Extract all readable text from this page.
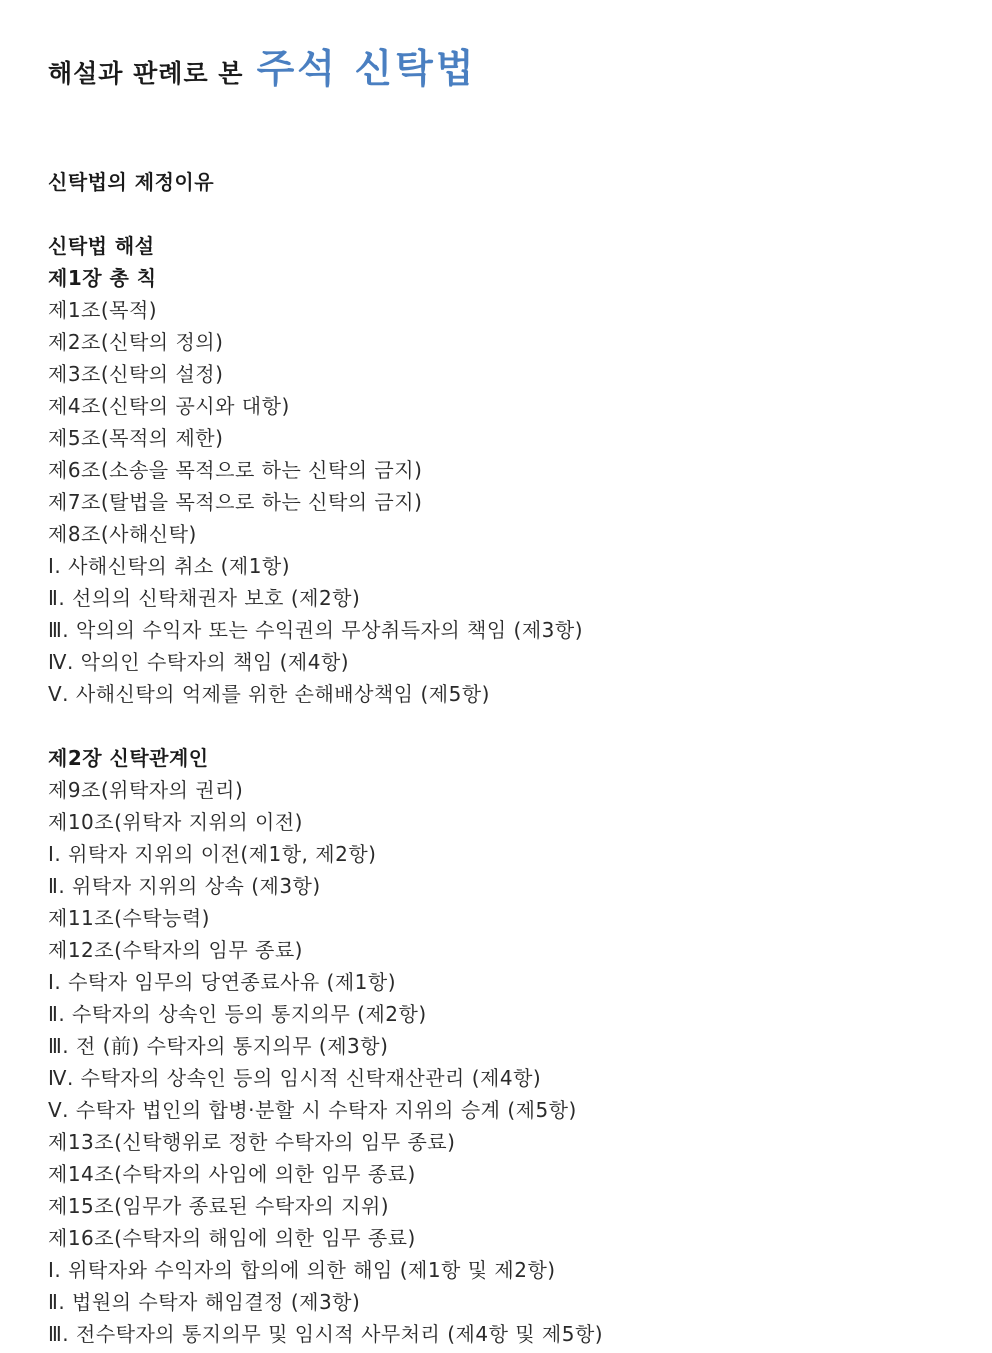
해설과 판례로 본 주석 신탁법
신탁법의 제정이유
신탁법 해설
제1장 총 칙
제1조(목적)
제2조(신탁의 정의)
제3조(신탁의 설정)
제4조(신탁의 공시와 대항)
제5조(목적의 제한)
제6조(소송을 목적으로 하는 신탁의 금지)
제7조(탈법을 목적으로 하는 신탁의 금지)
제8조(사해신탁)
Ⅰ. 사해신탁의 취소 (제1항)
Ⅱ. 선의의 신탁채권자 보호 (제2항)
Ⅲ. 악의의 수익자 또는 수익권의 무상취득자의 책임 (제3항)
Ⅳ. 악의인 수탁자의 책임 (제4항)
Ⅴ. 사해신탁의 억제를 위한 손해배상책임 (제5항)
제2장 신탁관계인
제9조(위탁자의 권리)
제10조(위탁자 지위의 이전)
Ⅰ. 위탁자 지위의 이전(제1항, 제2항)
Ⅱ. 위탁자 지위의 상속 (제3항)
제11조(수탁능력)
제12조(수탁자의 임무 종료)
Ⅰ. 수탁자 임무의 당연종료사유 (제1항)
Ⅱ. 수탁자의 상속인 등의 통지의무 (제2항)
Ⅲ. 전 (前) 수탁자의 통지의무 (제3항)
Ⅳ. 수탁자의 상속인 등의 임시적 신탁재산관리 (제4항)
Ⅴ. 수탁자 법인의 합병·분할 시 수탁자 지위의 승계 (제5항)
제13조(신탁행위로 정한 수탁자의 임무 종료)
제14조(수탁자의 사임에 의한 임무 종료)
제15조(임무가 종료된 수탁자의 지위)
제16조(수탁자의 해임에 의한 임무 종료)
Ⅰ. 위탁자와 수익자의 합의에 의한 해임 (제1항 및 제2항)
Ⅱ. 법원의 수탁자 해임결정 (제3항)
Ⅲ. 전수탁자의 통지의무 및 임시적 사무처리 (제4항 및 제5항)
